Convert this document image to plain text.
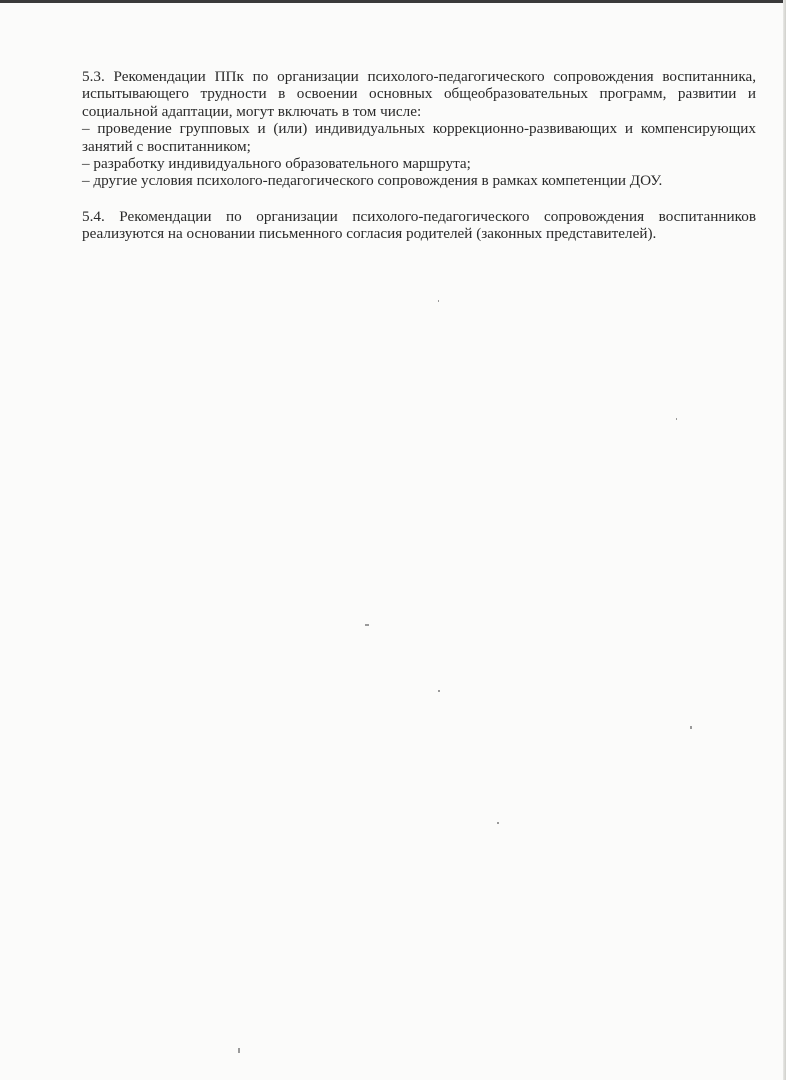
5.3. Рекомендации ППк по организации психолого-педагогического сопровождения воспитанника, испытывающего трудности в освоении основных общеобразовательных программ, развитии и социальной адаптации, могут включать в том числе:

– проведение групповых и (или) индивидуальных коррекционно-развивающих и компенсирующих занятий с воспитанником;

– разработку индивидуального образовательного маршрута;

– другие условия психолого-педагогического сопровождения в рамках компетенции ДОУ.

5.4. Рекомендации по организации психолого-педагогического сопровождения воспитанников реализуются на основании письменного согласия родителей (законных представителей).
